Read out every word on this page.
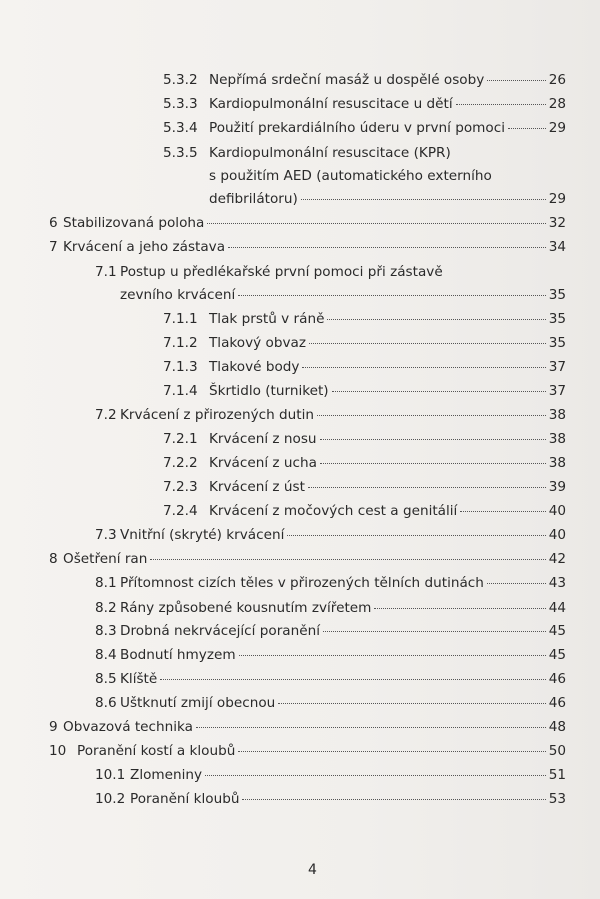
5.3.2 Nepřímá srdeční masáž u dospělé osoby	26
5.3.3 Kardiopulmonální resuscitace u dětí	28
5.3.4 Použití prekardiálního úderu v první pomoci	29
5.3.5 Kardiopulmonální resuscitace (KPR)
s použitím AED (automatického externího
defibrilátoru)	29
6 Stabilizovaná poloha	32
7 Krvácení a jeho zástava	34
7.1 Postup u předlékařské první pomoci při zástavě
zevního krvácení	35
7.1.1 Tlak prstů v ráně	35
7.1.2 Tlakový obvaz	35
7.1.3 Tlakové body	37
7.1.4 Škrtidlo (turniket)	37
7.2 Krvácení z přirozených dutin	38
7.2.1 Krvácení z nosu	38
7.2.2 Krvácení z ucha	38
7.2.3 Krvácení z úst	39
7.2.4 Krvácení z močových cest a genitálií	40
7.3 Vnitřní (skryté) krvácení	40
8 Ošetření ran	42
8.1 Přítomnost cizích těles v přirozených tělních dutinách	43
8.2 Rány způsobené kousnutím zvířetem	44
8.3 Drobná nekrvácející poranění	45
8.4 Bodnutí hmyzem	45
8.5 Klíště	46
8.6 Uštknutí zmijí obecnou	46
9 Obvazová technika	48
10 Poranění kostí a kloubů	50
10.1 Zlomeniny	51
10.2 Poranění kloubů	53
4
